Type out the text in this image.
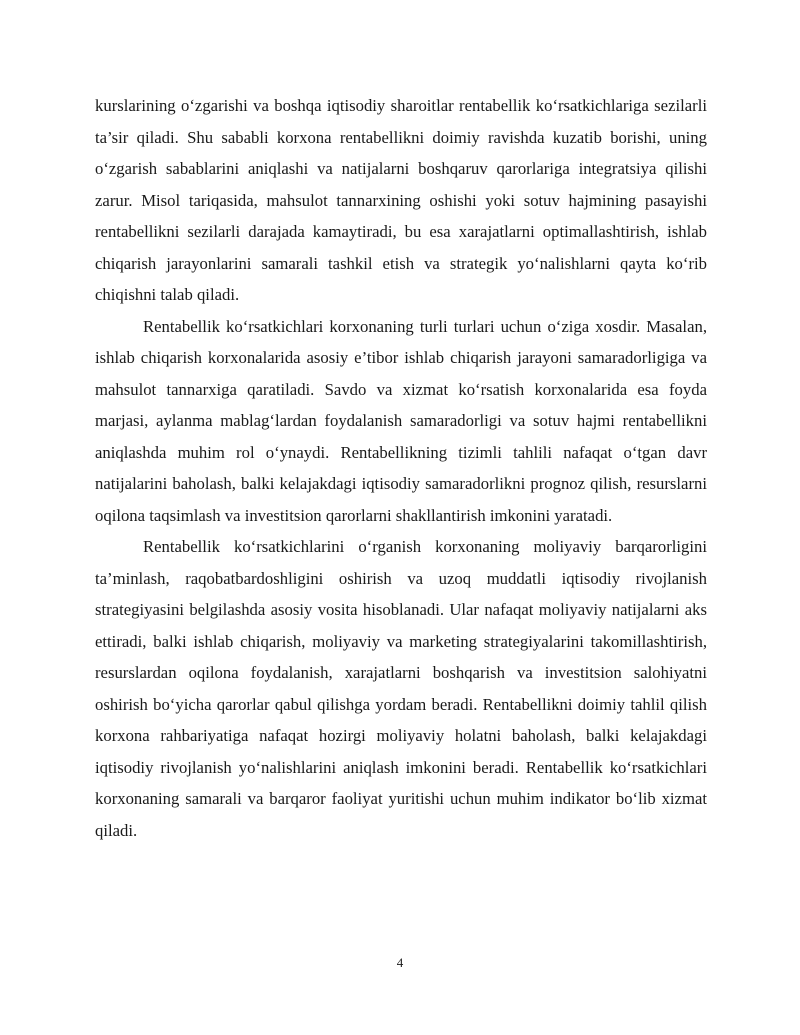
kurslarining o‘zgarishi va boshqa iqtisodiy sharoitlar rentabellik ko‘rsatkichlariga sezilarli ta’sir qiladi. Shu sababli korxona rentabellikni doimiy ravishda kuzatib borishi, uning o‘zgarish sabablarini aniqlashi va natijalarni boshqaruv qarorlariga integratsiya qilishi zarur. Misol tariqasida, mahsulot tannarxining oshishi yoki sotuv hajmining pasayishi rentabellikni sezilarli darajada kamaytiradi, bu esa xarajatlarni optimallashtirish, ishlab chiqarish jarayonlarini samarali tashkil etish va strategik yo‘nalishlarni qayta ko‘rib chiqishni talab qiladi.

Rentabellik ko‘rsatkichlari korxonaning turli turlari uchun o‘ziga xosdir. Masalan, ishlab chiqarish korxonalarida asosiy e’tibor ishlab chiqarish jarayoni samaradorligiga va mahsulot tannarxiga qaratiladi. Savdo va xizmat ko‘rsatish korxonalarida esa foyda marjasi, aylanma mablag‘lardan foydalanish samaradorligi va sotuv hajmi rentabellikni aniqlashda muhim rol o‘ynaydi. Rentabellikning tizimli tahlili nafaqat o‘tgan davr natijalarini baholash, balki kelajakdagi iqtisodiy samaradorlikni prognoz qilish, resurslarni oqilona taqsimlash va investitsion qarorlarni shakllantirish imkonini yaratadi.

Rentabellik ko‘rsatkichlarini o‘rganish korxonaning moliyaviy barqarorligini ta’minlash, raqobatbardoshligini oshirish va uzoq muddatli iqtisodiy rivojlanish strategiyasini belgilashda asosiy vosita hisoblanadi. Ular nafaqat moliyaviy natijalarni aks ettiradi, balki ishlab chiqarish, moliyaviy va marketing strategiyalarini takomillashtirish, resurslardan oqilona foydalanish, xarajatlarni boshqarish va investitsion salohiyatni oshirish bo‘yicha qarorlar qabul qilishga yordam beradi. Rentabellikni doimiy tahlil qilish korxona rahbariyatiga nafaqat hozirgi moliyaviy holatni baholash, balki kelajakdagi iqtisodiy rivojlanish yo‘nalishlarini aniqlash imkonini beradi. Rentabellik ko‘rsatkichlari korxonaning samarali va barqaror faoliyat yuritishi uchun muhim indikator bo‘lib xizmat qiladi.

4
